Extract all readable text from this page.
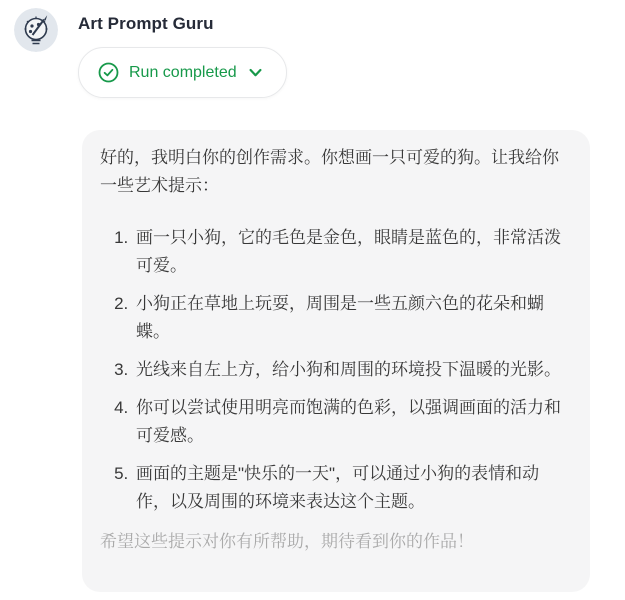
Art Prompt Guru
Run completed

好的，我明白你的创作需求。你想画一只可爱的狗。让我给你一些艺术提示：

1. 画一只小狗，它的毛色是金色，眼睛是蓝色的，非常活泼可爱。
2. 小狗正在草地上玩耍，周围是一些五颜六色的花朵和蝴蝶。
3. 光线来自左上方，给小狗和周围的环境投下温暖的光影。
4. 你可以尝试使用明亮而饱满的色彩，以强调画面的活力和可爱感。
5. 画面的主题是"快乐的一天"，可以通过小狗的表情和动作，以及周围的环境来表达这个主题。

希望这些提示对你有所帮助，期待看到你的作品！
